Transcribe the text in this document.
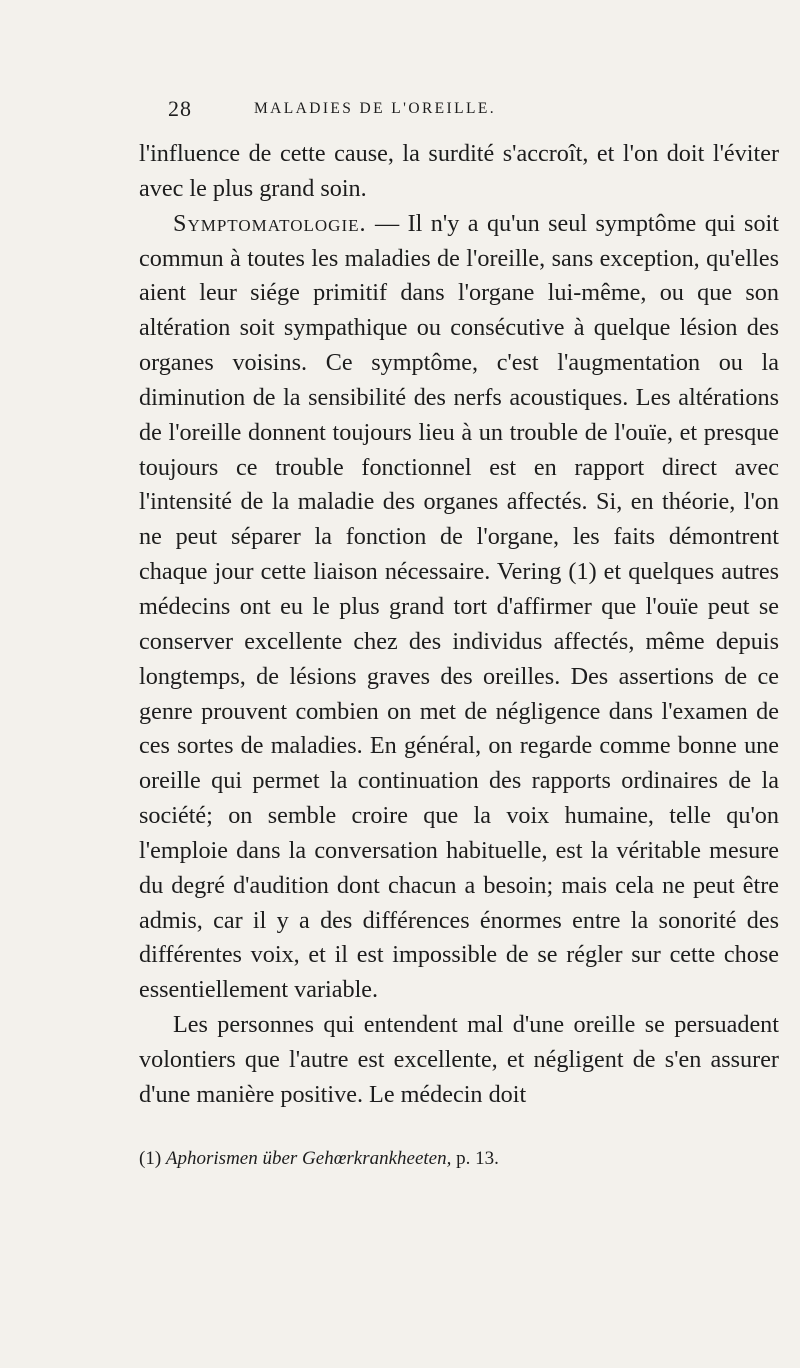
28	MALADIES DE L'OREILLE.

l'influence de cette cause, la surdité s'accroît, et l'on doit l'éviter avec le plus grand soin.

Symptomatologie. — Il n'y a qu'un seul symptôme qui soit commun à toutes les maladies de l'oreille, sans exception, qu'elles aient leur siége primitif dans l'organe lui-même, ou que son altération soit sympathique ou consécutive à quelque lésion des organes voisins. Ce symptôme, c'est l'augmentation ou la diminution de la sensibilité des nerfs acoustiques. Les altérations de l'oreille donnent toujours lieu à un trouble de l'ouïe, et presque toujours ce trouble fonctionnel est en rapport direct avec l'intensité de la maladie des organes affectés. Si, en théorie, l'on ne peut séparer la fonction de l'organe, les faits démontrent chaque jour cette liaison nécessaire. Vering (1) et quelques autres médecins ont eu le plus grand tort d'affirmer que l'ouïe peut se conserver excellente chez des individus affectés, même depuis longtemps, de lésions graves des oreilles. Des assertions de ce genre prouvent combien on met de négligence dans l'examen de ces sortes de maladies. En général, on regarde comme bonne une oreille qui permet la continuation des rapports ordinaires de la société; on semble croire que la voix humaine, telle qu'on l'emploie dans la conversation habituelle, est la véritable mesure du degré d'audition dont chacun a besoin; mais cela ne peut être admis, car il y a des différences énormes entre la sonorité des différentes voix, et il est impossible de se régler sur cette chose essentiellement variable.

Les personnes qui entendent mal d'une oreille se persuadent volontiers que l'autre est excellente, et négligent de s'en assurer d'une manière positive. Le médecin doit

(1) Aphorismen über Gehœrkrankheeten, p. 13.
